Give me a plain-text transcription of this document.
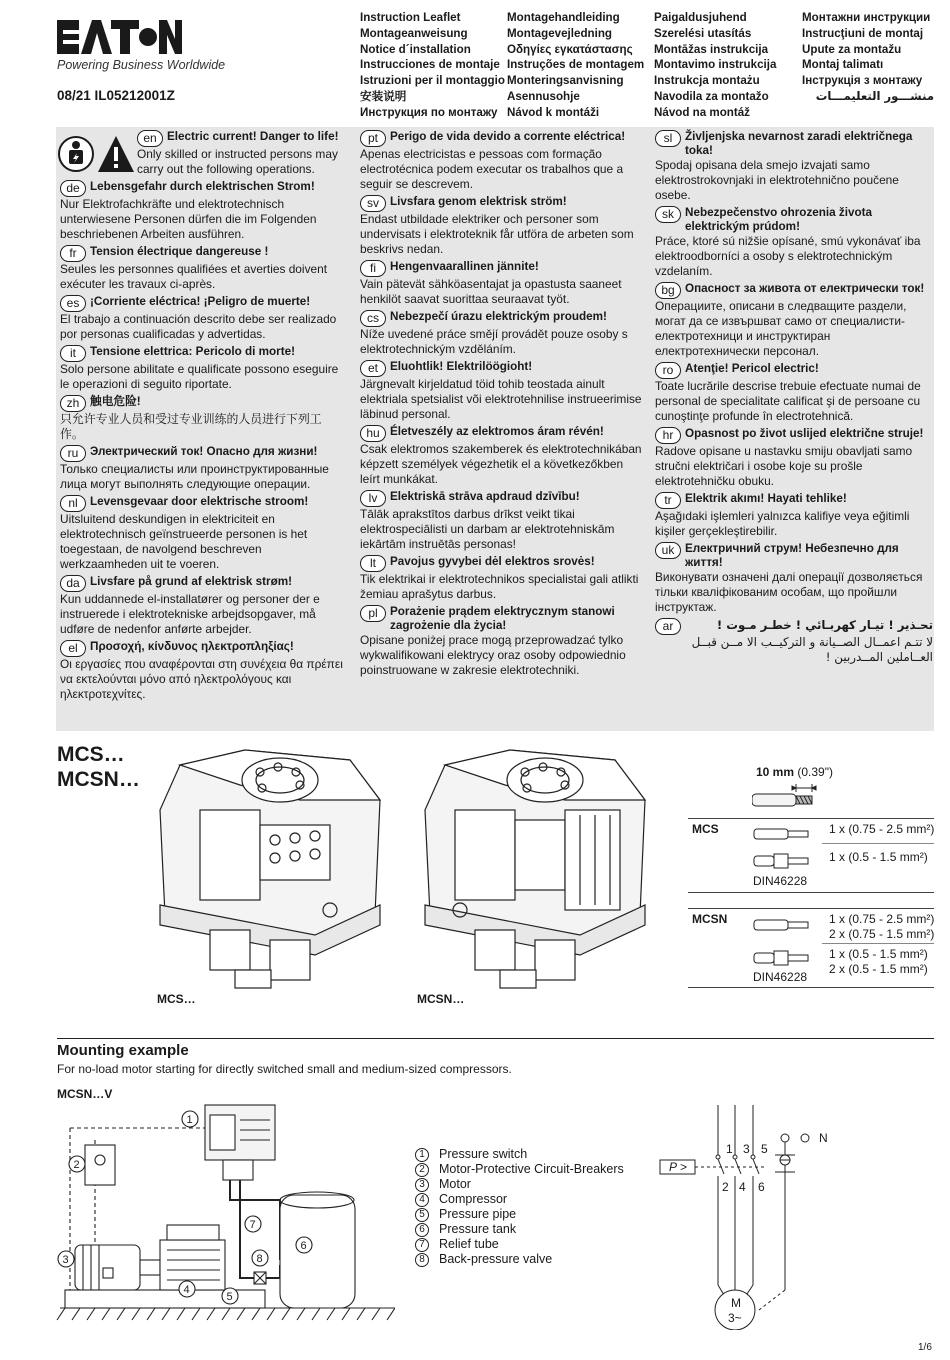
Powering Business Worldwide
08/21 IL05212001Z
Instruction Leaflet
Montageanweisung
Notice d´installation
Instrucciones de montaje
Istruzioni per il montaggio
安装说明
Инструкция по монтажу
Montagehandleiding
Montagevejledning
Οδηγίες εγκατάστασης
Instruções de montagem
Monteringsanvisning
Asennusohje
Návod k montáži
Paigaldusjuhend
Szerelési utasítás
Montāžas instrukcija
Montavimo instrukcija
Instrukcja montażu
Navodila za montažo
Návod na montáž
Монтажни инструкции
Instrucţiuni de montaj
Upute za montažu
Montaj talimatı
Інструкція з монтажу
منشـــور التعليمـــات
en Electric current! Danger to life!
Only skilled or instructed persons may carry out the following operations.
de Lebensgefahr durch elektrischen Strom!
Nur Elektrofachkräfte und elektrotechnisch unterwiesene Personen dürfen die im Folgenden beschriebenen Arbeiten ausführen.
fr	Tension électrique dangereuse !
Seules les personnes qualifiées et averties doivent exécuter les travaux ci-après.
es ¡Corriente eléctrica! ¡Peligro de muerte!
El trabajo a continuación descrito debe ser realizado por personas cualificadas y advertidas.
it	Tensione elettrica: Pericolo di morte!
Solo persone abilitate e qualificate possono eseguire le operazioni di seguito riportate.
zh 触电危险!
只允许专业人员和受过专业训练的人员进行下列工作。
ru Электрический ток! Опасно для жизни!
Только специалисты или проинструктированные лица могут выполнять следующие операции.
nl	Levensgevaar door elektrische stroom!
Uitsluitend deskundigen in elektriciteit en elektrotechnisch geïnstrueerde personen is het toegestaan, de navolgend beschreven werkzaamheden uit te voeren.
da Livsfare på grund af elektrisk strøm!
Kun uddannede el-installatører og personer der e instruerede i elektrotekniske arbejdsopgaver, må udføre de nedenfor anførte arbejder.
el	Προσοχή, κίνδυνος ηλεκτροπληξίας!
Οι εργασίες που αναφέρονται στη συνέχεια θα πρέπει να εκτελούνται μόνο από ηλεκτρολόγους και ηλεκτροτεχνίτες.
pt	Perigo de vida devido a corrente eléctrica!
Apenas electricistas e pessoas com formação electrotécnica podem executar os trabalhos que a seguir se descrevem.
sv Livsfara genom elektrisk ström!
Endast utbildade elektriker och personer som undervisats i elektroteknik får utföra de arbeten som beskrivs nedan.
fi	Hengenvaarallinen jännite!
Vain pätevät sähköasentajat ja opastusta saaneet henkilöt saavat suorittaa seuraavat työt.
cs Nebezpečí úrazu elektrickým proudem!
Níže uvedené práce smějí provádět pouze osoby s elektrotechnickým vzděláním.
et	Eluohtlik! Elektrilöögioht!
Järgnevalt kirjeldatud töid tohib teostada ainult elektriala spetsialist või elektrotehnilise instrueerimise läbinud personal.
hu Életveszély az elektromos áram révén!
Csak elektromos szakemberek és elektrotechnikában képzett személyek végezhetik el a következőkben leírt munkákat.
lv	Elektriskā strāva apdraud dzīvību!
Tālāk aprakstītos darbus drīkst veikt tikai elektrospeciālisti un darbam ar elektrotehniskām iekārtām instruētās personas!
lt	Pavojus gyvybei dėl elektros srovės!
Tik elektrikai ir elektrotechnikos specialistai gali atlikti žemiau aprašytus darbus.
pl	Porażenie prądem elektrycznym stanowi zagrożenie dla życia!
Opisane poniżej prace mogą przeprowadzać tylko wykwalifikowani elektrycy oraz osoby odpowiednio poinstruowane w zakresie elektrotechniki.
sl	Življenjska nevarnost zaradi električnega toka!
Spodaj opisana dela smejo izvajati samo elektrostrokovnjaki in elektrotehnično poučene osebe.
sk Nebezpečenstvo ohrozenia života elektrickým prúdom!
Práce, ktoré sú nižšie opísané, smú vykonávať iba elektroodborníci a osoby s elektrotechnickým vzdelaním.
bg Опасност за живота от електрически ток!
Операциите, описани в следващите раздели, могат да се извършват само от специалисти-електротехници и инструктиран електротехнически персонал.
ro Atenţie! Pericol electric!
Toate lucrările descrise trebuie efectuate numai de personal de specialitate calificat şi de persoane cu cunoştinţe profunde în electrotehnică.
hr Opasnost po život uslijed električne struje!
Radove opisane u nastavku smiju obavljati samo stručni električari i osobe koje su prošle elektrotehničku obuku.
tr	Elektrik akımı! Hayati tehlike!
Aşağıdaki işlemleri yalnızca kalifiye veya eğitimli kişiler gerçekleştirebilir.
uk Електричний струм! Небезпечно для життя!
Виконувати означені далі операції дозволяється тільки кваліфікованим особам, що пройшли інструктаж.
ar	تحـذير ! تيـار كهربـائي ! خطـر مـوت !
لا تتـم اعمــال الصــيانة و التركيــب الا مــن قبــل العــاملين المــدربين !
MCS…
MCSN…
MCS…	MCSN…
10 mm (0.39")
MCS	1 x (0.75 - 2.5 mm²)
1 x (0.5 - 1.5 mm²)
DIN46228
MCSN	1 x (0.75 - 2.5 mm²)
2 x (0.75 - 1.5 mm²)
1 x (0.5 - 1.5 mm²)
2 x (0.5 - 1.5 mm²)
DIN46228
Mounting example
For no-load motor starting for directly switched small and medium-sized compressors.
MCSN…V
1
2
3
4
5
6
7
8
1	Pressure switch
2	Motor-Protective Circuit-Breakers
3	Motor
4	Compressor
5	Pressure pipe
6	Pressure tank
7	Relief tube
8	Back-pressure valve
1 3 5
2 4 6
N
P >
M
3~
1/6
